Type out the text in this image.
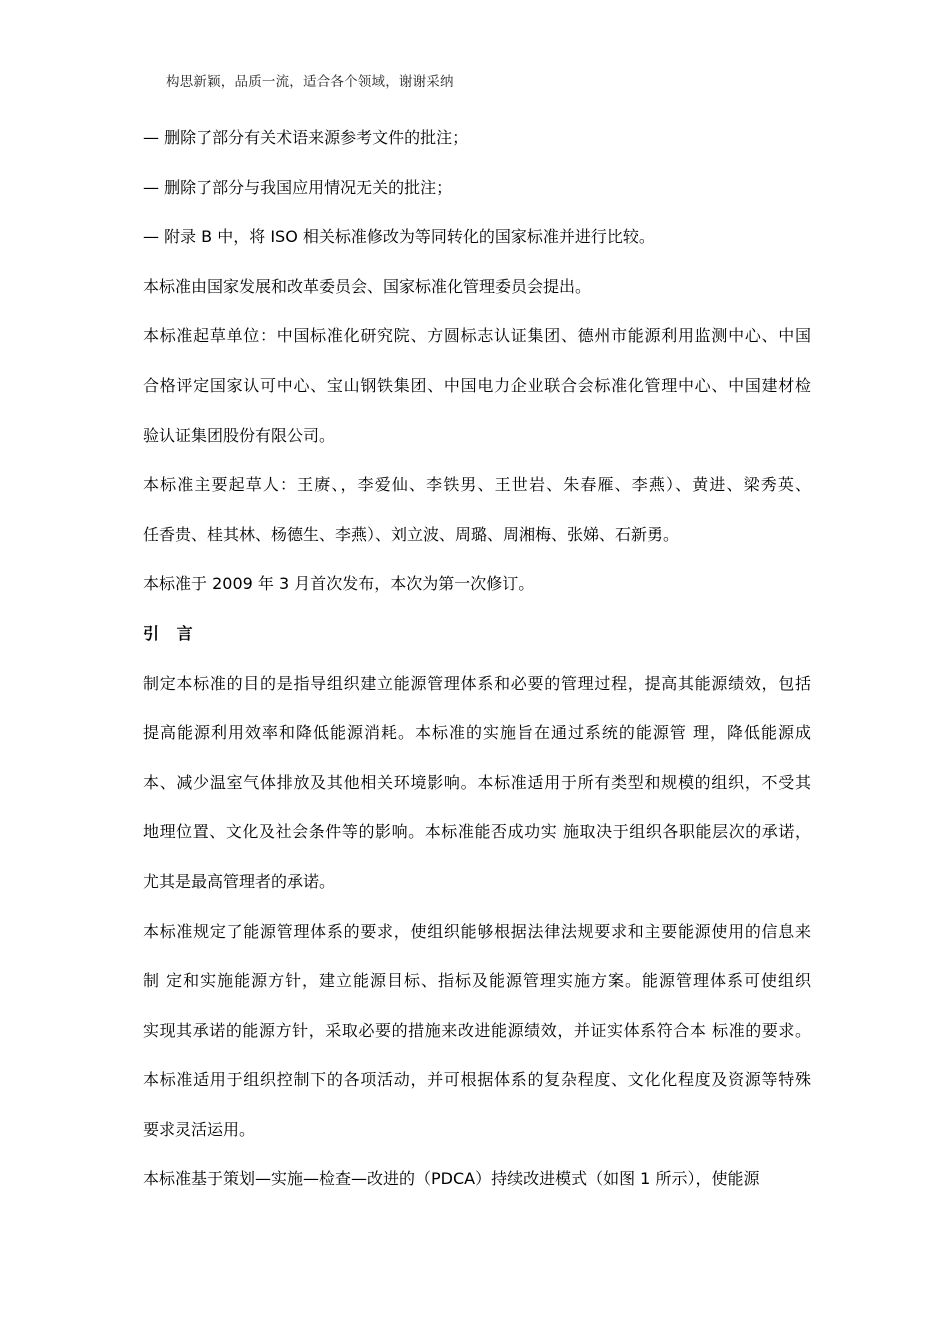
构思新颖，品质一流，适合各个领域，谢谢采纳
— 删除了部分有关术语来源参考文件的批注；
— 删除了部分与我国应用情况无关的批注；
— 附录 B 中，将 ISO 相关标准修改为等同转化的国家标准并进行比较。
本标准由国家发展和改革委员会、国家标准化管理委员会提出。
本标准起草单位：中国标准化研究院、方圆标志认证集团、德州市能源利用监测中心、中国
合格评定国家认可中心、宝山钢铁集团、中国电力企业联合会标准化管理中心、中国建材检
验认证集团股份有限公司。
本标准主要起草人：王赓、，李爱仙、李铁男、王世岩、朱春雁、李燕）、黄进、梁秀英、
任香贵、桂其林、杨德生、李燕）、刘立波、周璐、周湘梅、张娣、石新勇。
本标准于 2009 年 3 月首次发布，本次为第一次修订。
引 言
制定本标准的目的是指导组织建立能源管理体系和必要的管理过程，提高其能源绩效，包括
提高能源利用效率和降低能源消耗。本标准的实施旨在通过系统的能源管 理，降低能源成
本、减少温室气体排放及其他相关环境影响。本标准适用于所有类型和规模的组织，不受其
地理位置、文化及社会条件等的影响。本标准能否成功实 施取决于组织各职能层次的承诺，
尤其是最高管理者的承诺。
本标准规定了能源管理体系的要求，使组织能够根据法律法规要求和主要能源使用的信息来
制 定和实施能源方针，建立能源目标、指标及能源管理实施方案。能源管理体系可使组织
实现其承诺的能源方针，采取必要的措施来改进能源绩效，并证实体系符合本 标准的要求。
本标准适用于组织控制下的各项活动，并可根据体系的复杂程度、文化化程度及资源等特殊
要求灵活运用。
本标准基于策划—实施—检查—改进的（PDCA）持续改进模式（如图 1 所示），使能源
